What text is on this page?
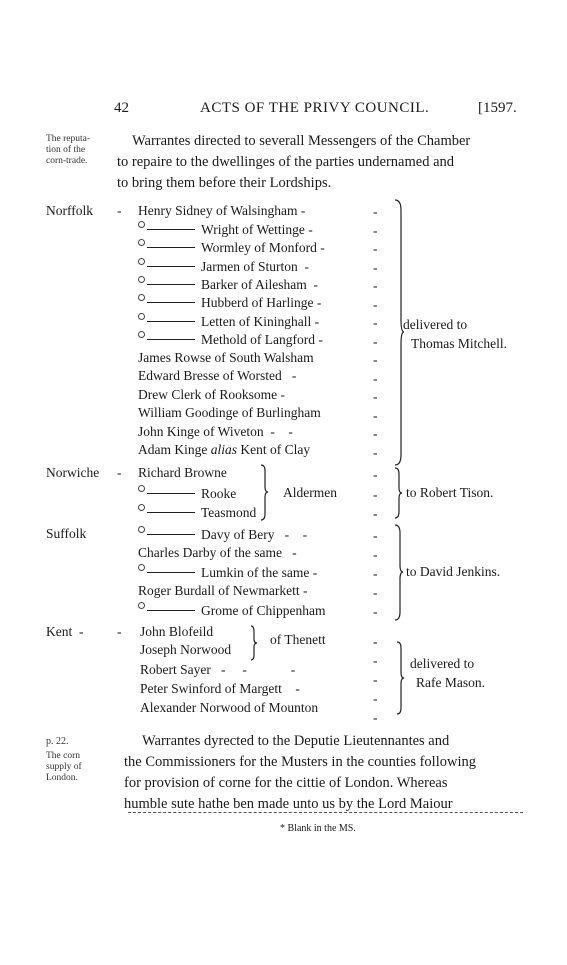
42	ACTS OF THE PRIVY COUNCIL.	[1597.
The reputa-
tion of the
corn-trade.
Warrantes directed to severall Messengers of the Chamber
to repaire to the dwellinges of the parties undernamed and
to bring them before their Lordships.
Norffolk - Henry Sidney of Walsingham -
Wright of Wettinge -
Wormley of Monford -
Jarmen of Sturton  -
Barker of Ailesham  -
Hubberd of Harlinge -
Letten of Kininghall -
Methold of Langford -
James Rowse of South Walsham
Edward Bresse of Worsted   -
Drew Clerk of Rooksome -
William Goodinge of Burlingham
John Kinge of Wiveton  -    -
Adam Kinge alias Kent of Clay
-
-
-
-
-
-
-
-
-
-
-
-
-
-
delivered to
Thomas Mitchell.
Norwiche - Richard Browne
Rooke
Teasmond
Aldermen
-
-
-
to Robert Tison.
Suffolk	Davy of Bery   -    -
Charles Darby of the same   -
Lumkin of the same -
Roger Burdall of Newmarkett -
Grome of Chippenham
-
-
-
-
-
to David Jenkins.
Kent  - - John Blofeild
Joseph Norwood
of Thenett
Robert Sayer   -     -             -
Peter Swinford of Margett    -
Alexander Norwood of Mounton
-
-
-
-
-
delivered to
Rafe Mason.
p. 22.
The corn
supply of
London.
Warrantes dyrected to the Deputie Lieutennantes and
the Commissioners for the Musters in the counties following
for provision of corne for the cittie of London. Whereas
humble sute hathe ben made unto us by the Lord Maiour
* Blank in the MS.
